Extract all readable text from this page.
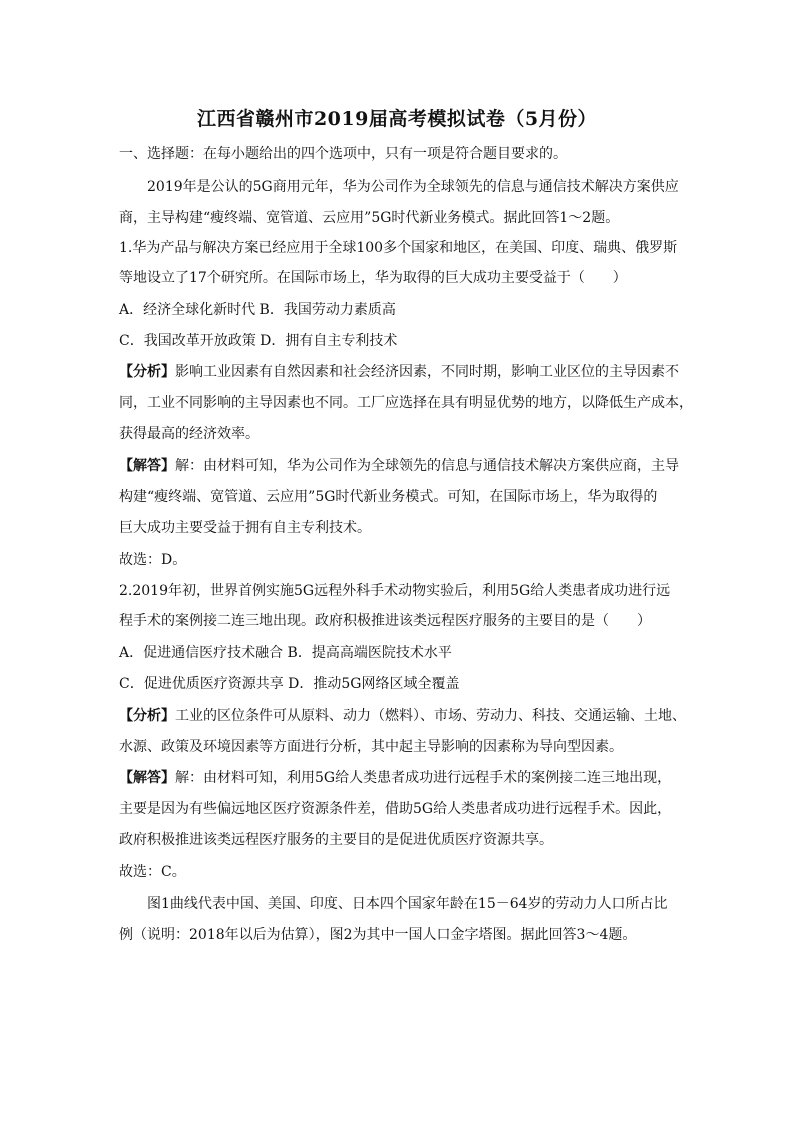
江西省赣州市2019届高考模拟试卷（5月份）
一、选择题：在每小题给出的四个选项中，只有一项是符合题目要求的。
2019年是公认的5G商用元年，华为公司作为全球领先的信息与通信技术解决方案供应
商，主导构建“瘦终端、宽管道、云应用”5G时代新业务模式。据此回答1～2题。
1.华为产品与解决方案已经应用于全球100多个国家和地区，在美国、印度、瑞典、俄罗斯
等地设立了17个研究所。在国际市场上，华为取得的巨大成功主要受益于（　　）
A．经济全球化新时代 B．我国劳动力素质高
C．我国改革开放政策 D．拥有自主专利技术
【分析】影响工业因素有自然因素和社会经济因素，不同时期，影响工业区位的主导因素不
同，工业不同影响的主导因素也不同。工厂应选择在具有明显优势的地方，以降低生产成本，
获得最高的经济效率。
【解答】解：由材料可知，华为公司作为全球领先的信息与通信技术解决方案供应商，主导
构建“瘦终端、宽管道、云应用”5G时代新业务模式。可知，在国际市场上，华为取得的
巨大成功主要受益于拥有自主专利技术。
故选：D。
2.2019年初，世界首例实施5G远程外科手术动物实验后，利用5G给人类患者成功进行远
程手术的案例接二连三地出现。政府积极推进该类远程医疗服务的主要目的是（　　）
A．促进通信医疗技术融合 B．提高高端医院技术水平
C．促进优质医疗资源共享 D．推动5G网络区域全覆盖
【分析】工业的区位条件可从原料、动力（燃料）、市场、劳动力、科技、交通运输、土地、
水源、政策及环境因素等方面进行分析，其中起主导影响的因素称为导向型因素。
【解答】解：由材料可知，利用5G给人类患者成功进行远程手术的案例接二连三地出现，
主要是因为有些偏远地区医疗资源条件差，借助5G给人类患者成功进行远程手术。因此，
政府积极推进该类远程医疗服务的主要目的是促进优质医疗资源共享。
故选：C。
图1曲线代表中国、美国、印度、日本四个国家年龄在15－64岁的劳动力人口所占比
例（说明：2018年以后为估算），图2为其中一国人口金字塔图。据此回答3～4题。
